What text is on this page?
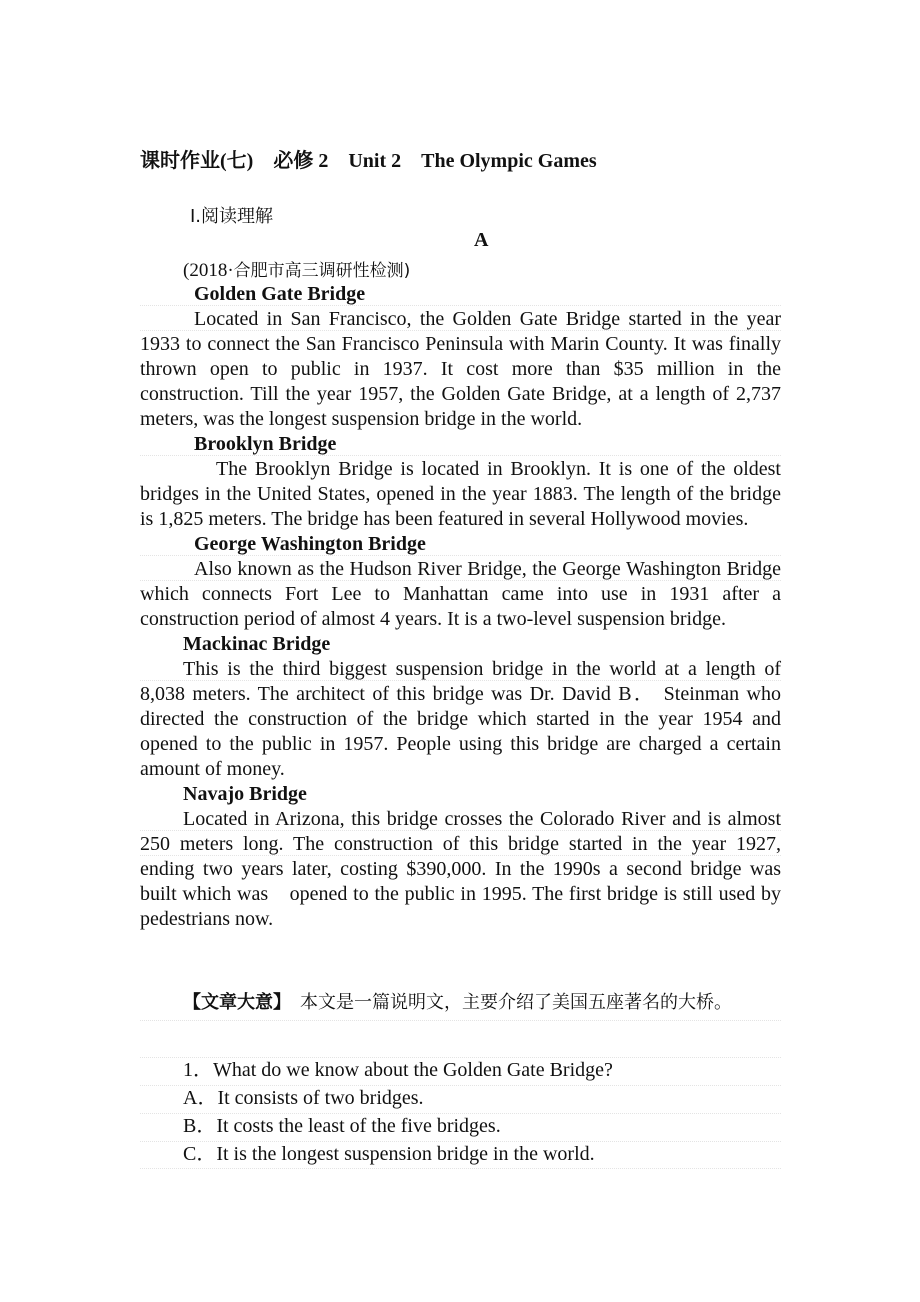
课时作业(七)　必修 2　Unit 2　The Olympic Games
Ⅰ.阅读理解
A
(2018·合肥市高三调研性检测)
Golden Gate Bridge

Located in San Francisco, the Golden Gate Bridge started in the year 1933 to connect the San Francisco Peninsula with Marin County. It was finally thrown open to public in 1937. It cost more than $35 million in the construction. Till the year 1957, the Golden Gate Bridge, at a length of 2,737 meters, was the longest suspension bridge in the world.

Brooklyn Bridge

The Brooklyn Bridge is located in Brooklyn. It is one of the oldest bridges in the United States, opened in the year 1883. The length of the bridge is 1,825 meters. The bridge has been featured in several Hollywood movies.

George Washington Bridge

Also known as the Hudson River Bridge, the George Washington Bridge which connects Fort Lee to Manhattan came into use in 1931 after a construction period of almost 4 years. It is a two-level suspension bridge.

Mackinac Bridge

This is the third biggest suspension bridge in the world at a length of 8,038 meters. The architect of this bridge was Dr. David B． Steinman who directed the construction of the bridge which started in the year 1954 and opened to the public in 1957. People using this bridge are charged a certain amount of money.

Navajo Bridge

Located in Arizona, this bridge crosses the Colorado River and is almost 250 meters long. The construction of this bridge started in the year 1927, ending two years later, costing $390,000. In the 1990s a second bridge was built which was　opened to the public in 1995. The first bridge is still used by pedestrians now.

【文章大意】　本文是一篇说明文，主要介绍了美国五座著名的大桥。
1．What do we know about the Golden Gate Bridge?
A．It consists of two bridges.
B．It costs the least of the five bridges.
C．It is the longest suspension bridge in the world.
